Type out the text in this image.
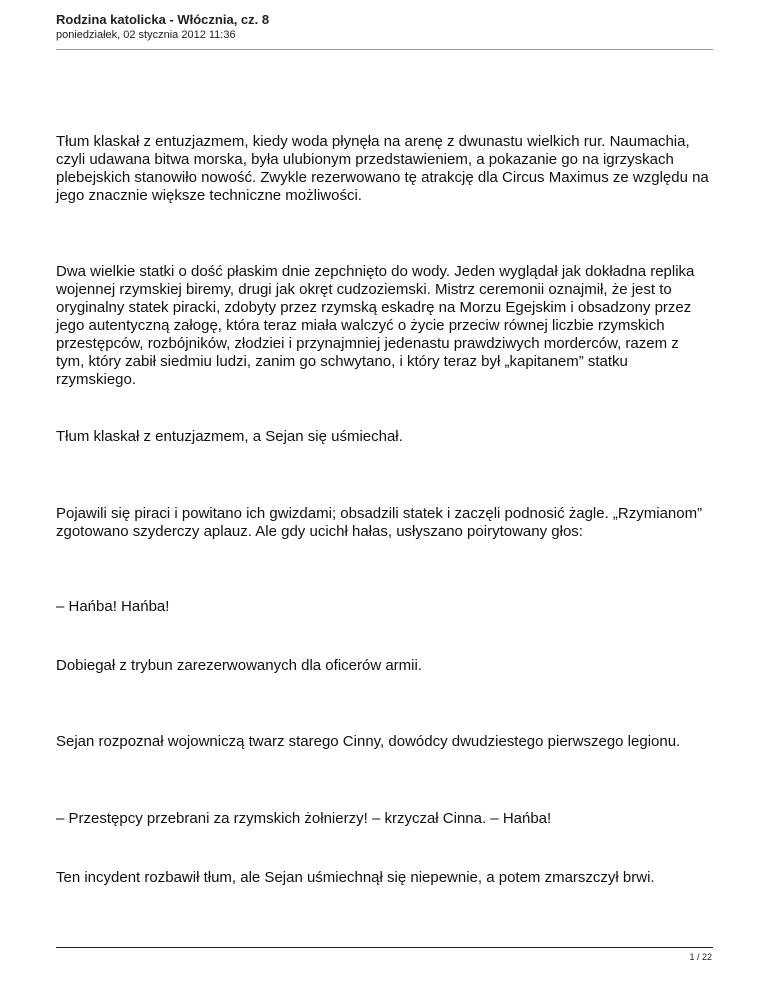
Rodzina katolicka - Włócznia, cz. 8
poniedziałek, 02 stycznia 2012 11:36

Tłum klaskał z entuzjazmem, kiedy woda płynęła na arenę z dwunastu wielkich rur. Naumachia, czyli udawana bitwa morska, była ulubionym przedstawieniem, a pokazanie go na igrzyskach plebejskich stanowiło nowość. Zwykle rezerwowano tę atrakcję dla Circus Maximus ze względu na jego znacznie większe techniczne możliwości.

Dwa wielkie statki o dość płaskim dnie zepchnięto do wody. Jeden wyglądał jak dokładna replika wojennej rzymskiej biremy, drugi jak okręt cudzoziemski. Mistrz ceremonii oznajmił, że jest to oryginalny statek piracki, zdobyty przez rzymską eskadrę na Morzu Egejskim i obsadzony przez jego autentyczną załogę, która teraz miała walczyć o życie przeciw równej liczbie rzymskich przestępców, rozbójników, złodziei i przynajmniej jedenastu prawdziwych morderców, razem z tym, który zabił siedmiu ludzi, zanim go schwytano, i który teraz był „kapitanem” statku rzymskiego.

Tłum klaskał z entuzjazmem, a Sejan się uśmiechał.

Pojawili się piraci i powitano ich gwizdami; obsadzili statek i zaczęli podnosić żagle. „Rzymianom” zgotowano szyderczy aplauz. Ale gdy ucichł hałas, usłyszano poirytowany głos:

– Hańba! Hańba!

Dobiegał z trybun zarezerwowanych dla oficerów armii.

Sejan rozpoznał wojowniczą twarz starego Cinny, dowódcy dwudziestego pierwszego legionu.

– Przestępcy przebrani za rzymskich żołnierzy! – krzyczał Cinna. – Hańba!

Ten incydent rozbawił tłum, ale Sejan uśmiechnął się niepewnie, a potem zmarszczył brwi.

1 / 22
